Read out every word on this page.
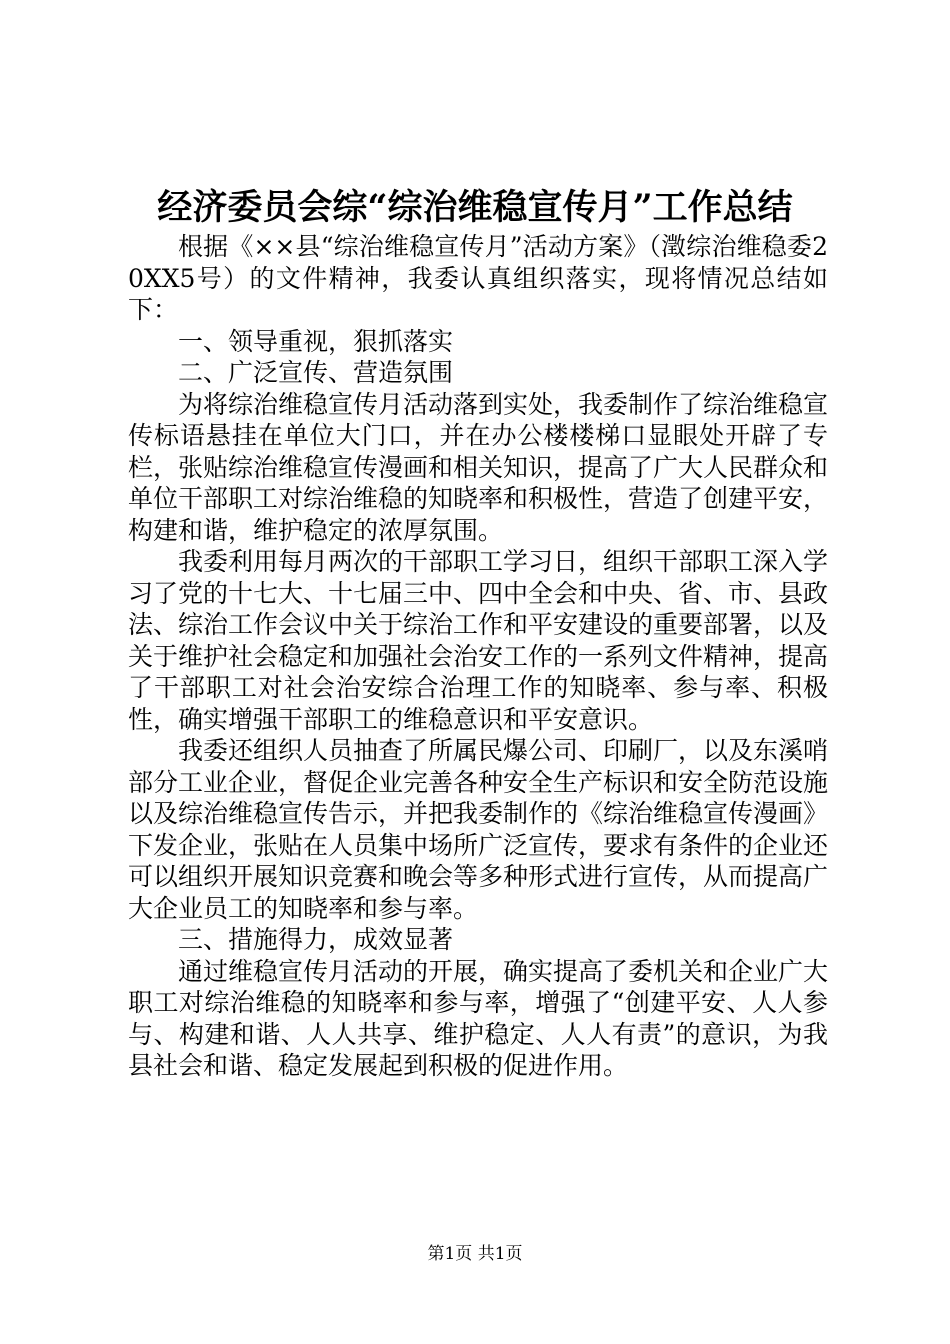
经济委员会综“综治维稳宣传月”工作总结

根据《××县“综治维稳宣传月”活动方案》（澂综治维稳委20XX5号）的文件精神，我委认真组织落实，现将情况总结如下：

一、领导重视，狠抓落实

二、广泛宣传、营造氛围

为将综治维稳宣传月活动落到实处，我委制作了综治维稳宣传标语悬挂在单位大门口，并在办公楼楼梯口显眼处开辟了专栏，张贴综治维稳宣传漫画和相关知识，提高了广大人民群众和单位干部职工对综治维稳的知晓率和积极性，营造了创建平安，构建和谐，维护稳定的浓厚氛围。

我委利用每月两次的干部职工学习日，组织干部职工深入学习了党的十七大、十七届三中、四中全会和中央、省、市、县政法、综治工作会议中关于综治工作和平安建设的重要部署，以及关于维护社会稳定和加强社会治安工作的一系列文件精神，提高了干部职工对社会治安综合治理工作的知晓率、参与率、积极性，确实增强干部职工的维稳意识和平安意识。

我委还组织人员抽查了所属民爆公司、印刷厂，以及东溪哨部分工业企业，督促企业完善各种安全生产标识和安全防范设施以及综治维稳宣传告示，并把我委制作的《综治维稳宣传漫画》下发企业，张贴在人员集中场所广泛宣传，要求有条件的企业还可以组织开展知识竞赛和晚会等多种形式进行宣传，从而提高广大企业员工的知晓率和参与率。

三、措施得力，成效显著

通过维稳宣传月活动的开展，确实提高了委机关和企业广大职工对综治维稳的知晓率和参与率，增强了“创建平安、人人参与、构建和谐、人人共享、维护稳定、人人有责”的意识，为我县社会和谐、稳定发展起到积极的促进作用。

第1页 共1页
